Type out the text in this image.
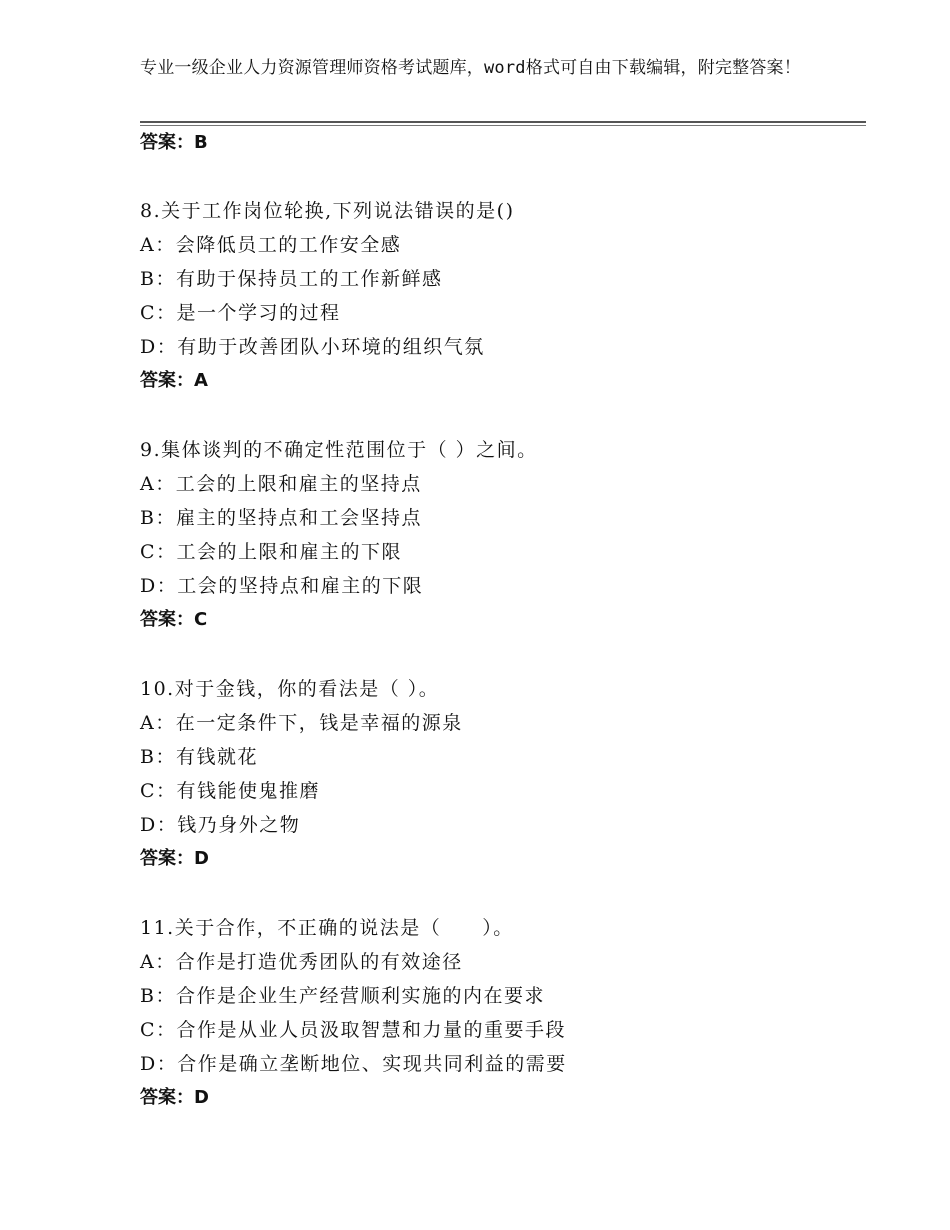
专业一级企业人力资源管理师资格考试题库，word格式可自由下载编辑，附完整答案！
答案：B
8.关于工作岗位轮换,下列说法错误的是()
A：会降低员工的工作安全感
B：有助于保持员工的工作新鲜感
C：是一个学习的过程
D：有助于改善团队小环境的组织气氛
答案：A
9.集体谈判的不确定性范围位于（ ）之间。
A：工会的上限和雇主的坚持点
B：雇主的坚持点和工会坚持点
C：工会的上限和雇主的下限
D：工会的坚持点和雇主的下限
答案：C
10.对于金钱，你的看法是（ ）。
A：在一定条件下，钱是幸福的源泉
B：有钱就花
C：有钱能使鬼推磨
D：钱乃身外之物
答案：D
11.关于合作，不正确的说法是（　　）。
A：合作是打造优秀团队的有效途径
B：合作是企业生产经营顺利实施的内在要求
C：合作是从业人员汲取智慧和力量的重要手段
D：合作是确立垄断地位、实现共同利益的需要
答案：D
